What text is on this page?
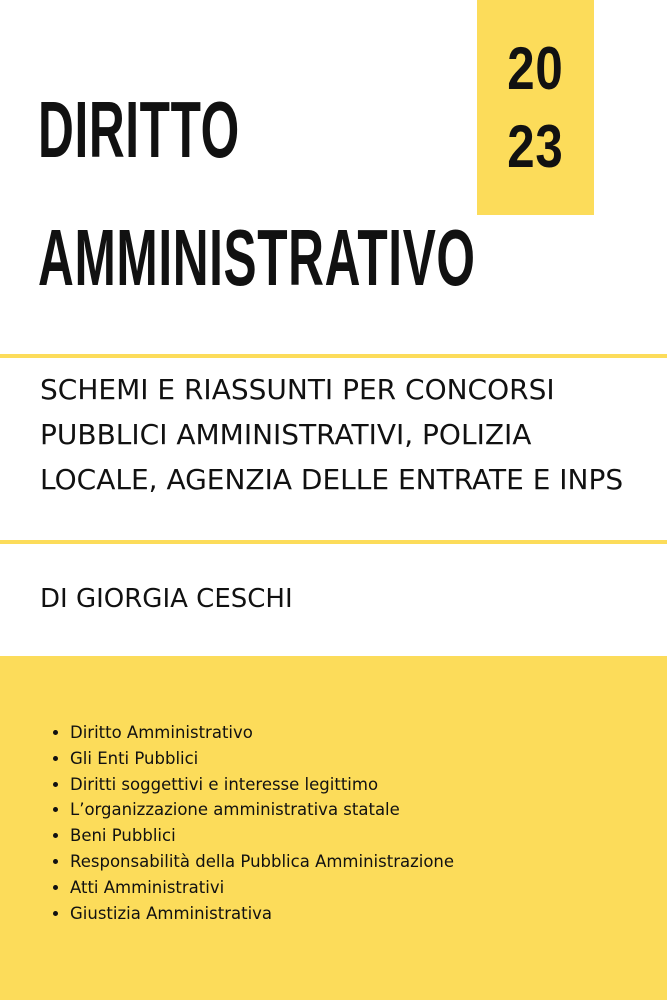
20
23
DIRITTO
AMMINISTRATIVO

SCHEMI E RIASSUNTI PER CONCORSI PUBBLICI AMMINISTRATIVI, POLIZIA LOCALE, AGENZIA DELLE ENTRATE E INPS

DI GIORGIA CESCHI

• Diritto Amministrativo
• Gli Enti Pubblici
• Diritti soggettivi e interesse legittimo
• L’organizzazione amministrativa statale
• Beni Pubblici
• Responsabilità della Pubblica Amministrazione
• Atti Amministrativi
• Giustizia Amministrativa
